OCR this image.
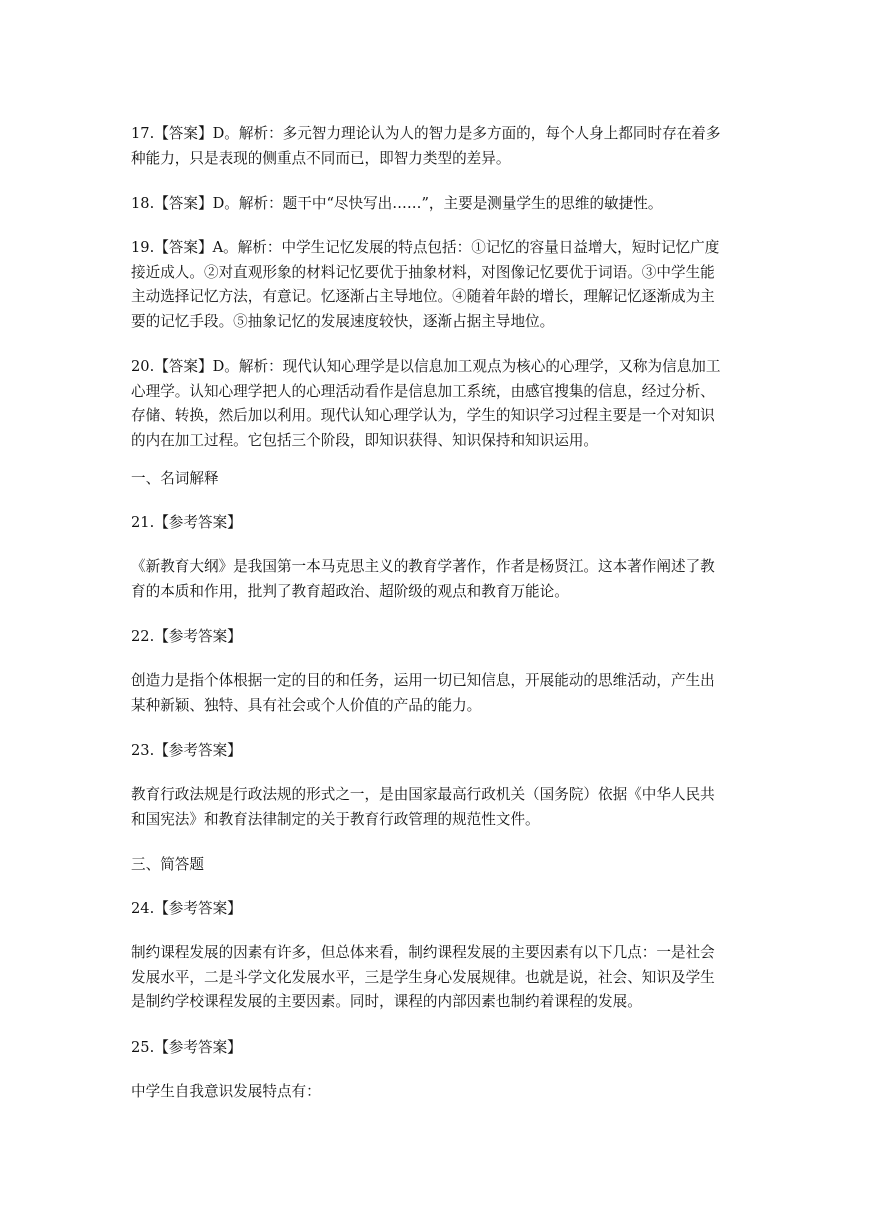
17.【答案】D。解析：多元智力理论认为人的智力是多方面的，每个人身上都同时存在着多
种能力，只是表现的侧重点不同而已，即智力类型的差异。
18.【答案】D。解析：题干中“尽快写出……”，主要是测量学生的思维的敏捷性。
19.【答案】A。解析：中学生记忆发展的特点包括：①记忆的容量日益增大，短时记忆广度
接近成人。②对直观形象的材料记忆要优于抽象材料，对图像记忆要优于词语。③中学生能
主动选择记忆方法，有意记。忆逐渐占主导地位。④随着年龄的增长，理解记忆逐渐成为主
要的记忆手段。⑤抽象记忆的发展速度较快，逐渐占据主导地位。
20.【答案】D。解析：现代认知心理学是以信息加工观点为核心的心理学，又称为信息加工
心理学。认知心理学把人的心理活动看作是信息加工系统，由感官搜集的信息，经过分析、
存储、转换，然后加以利用。现代认知心理学认为，学生的知识学习过程主要是一个对知识
的内在加工过程。它包括三个阶段，即知识获得、知识保持和知识运用。
一、名词解释
21.【参考答案】
《新教育大纲》是我国第一本马克思主义的教育学著作，作者是杨贤江。这本著作阐述了教
育的本质和作用，批判了教育超政治、超阶级的观点和教育万能论。
22.【参考答案】
创造力是指个体根据一定的目的和任务，运用一切已知信息，开展能动的思维活动，产生出
某种新颖、独特、具有社会或个人价值的产品的能力。
23.【参考答案】
教育行政法规是行政法规的形式之一，是由国家最高行政机关（国务院）依据《中华人民共
和国宪法》和教育法律制定的关于教育行政管理的规范性文件。
三、简答题
24.【参考答案】
制约课程发展的因素有许多，但总体来看，制约课程发展的主要因素有以下几点：一是社会
发展水平，二是斗学文化发展水平，三是学生身心发展规律。也就是说，社会、知识及学生
是制约学校课程发展的主要因素。同时，课程的内部因素也制约着课程的发展。
25.【参考答案】
中学生自我意识发展特点有：
